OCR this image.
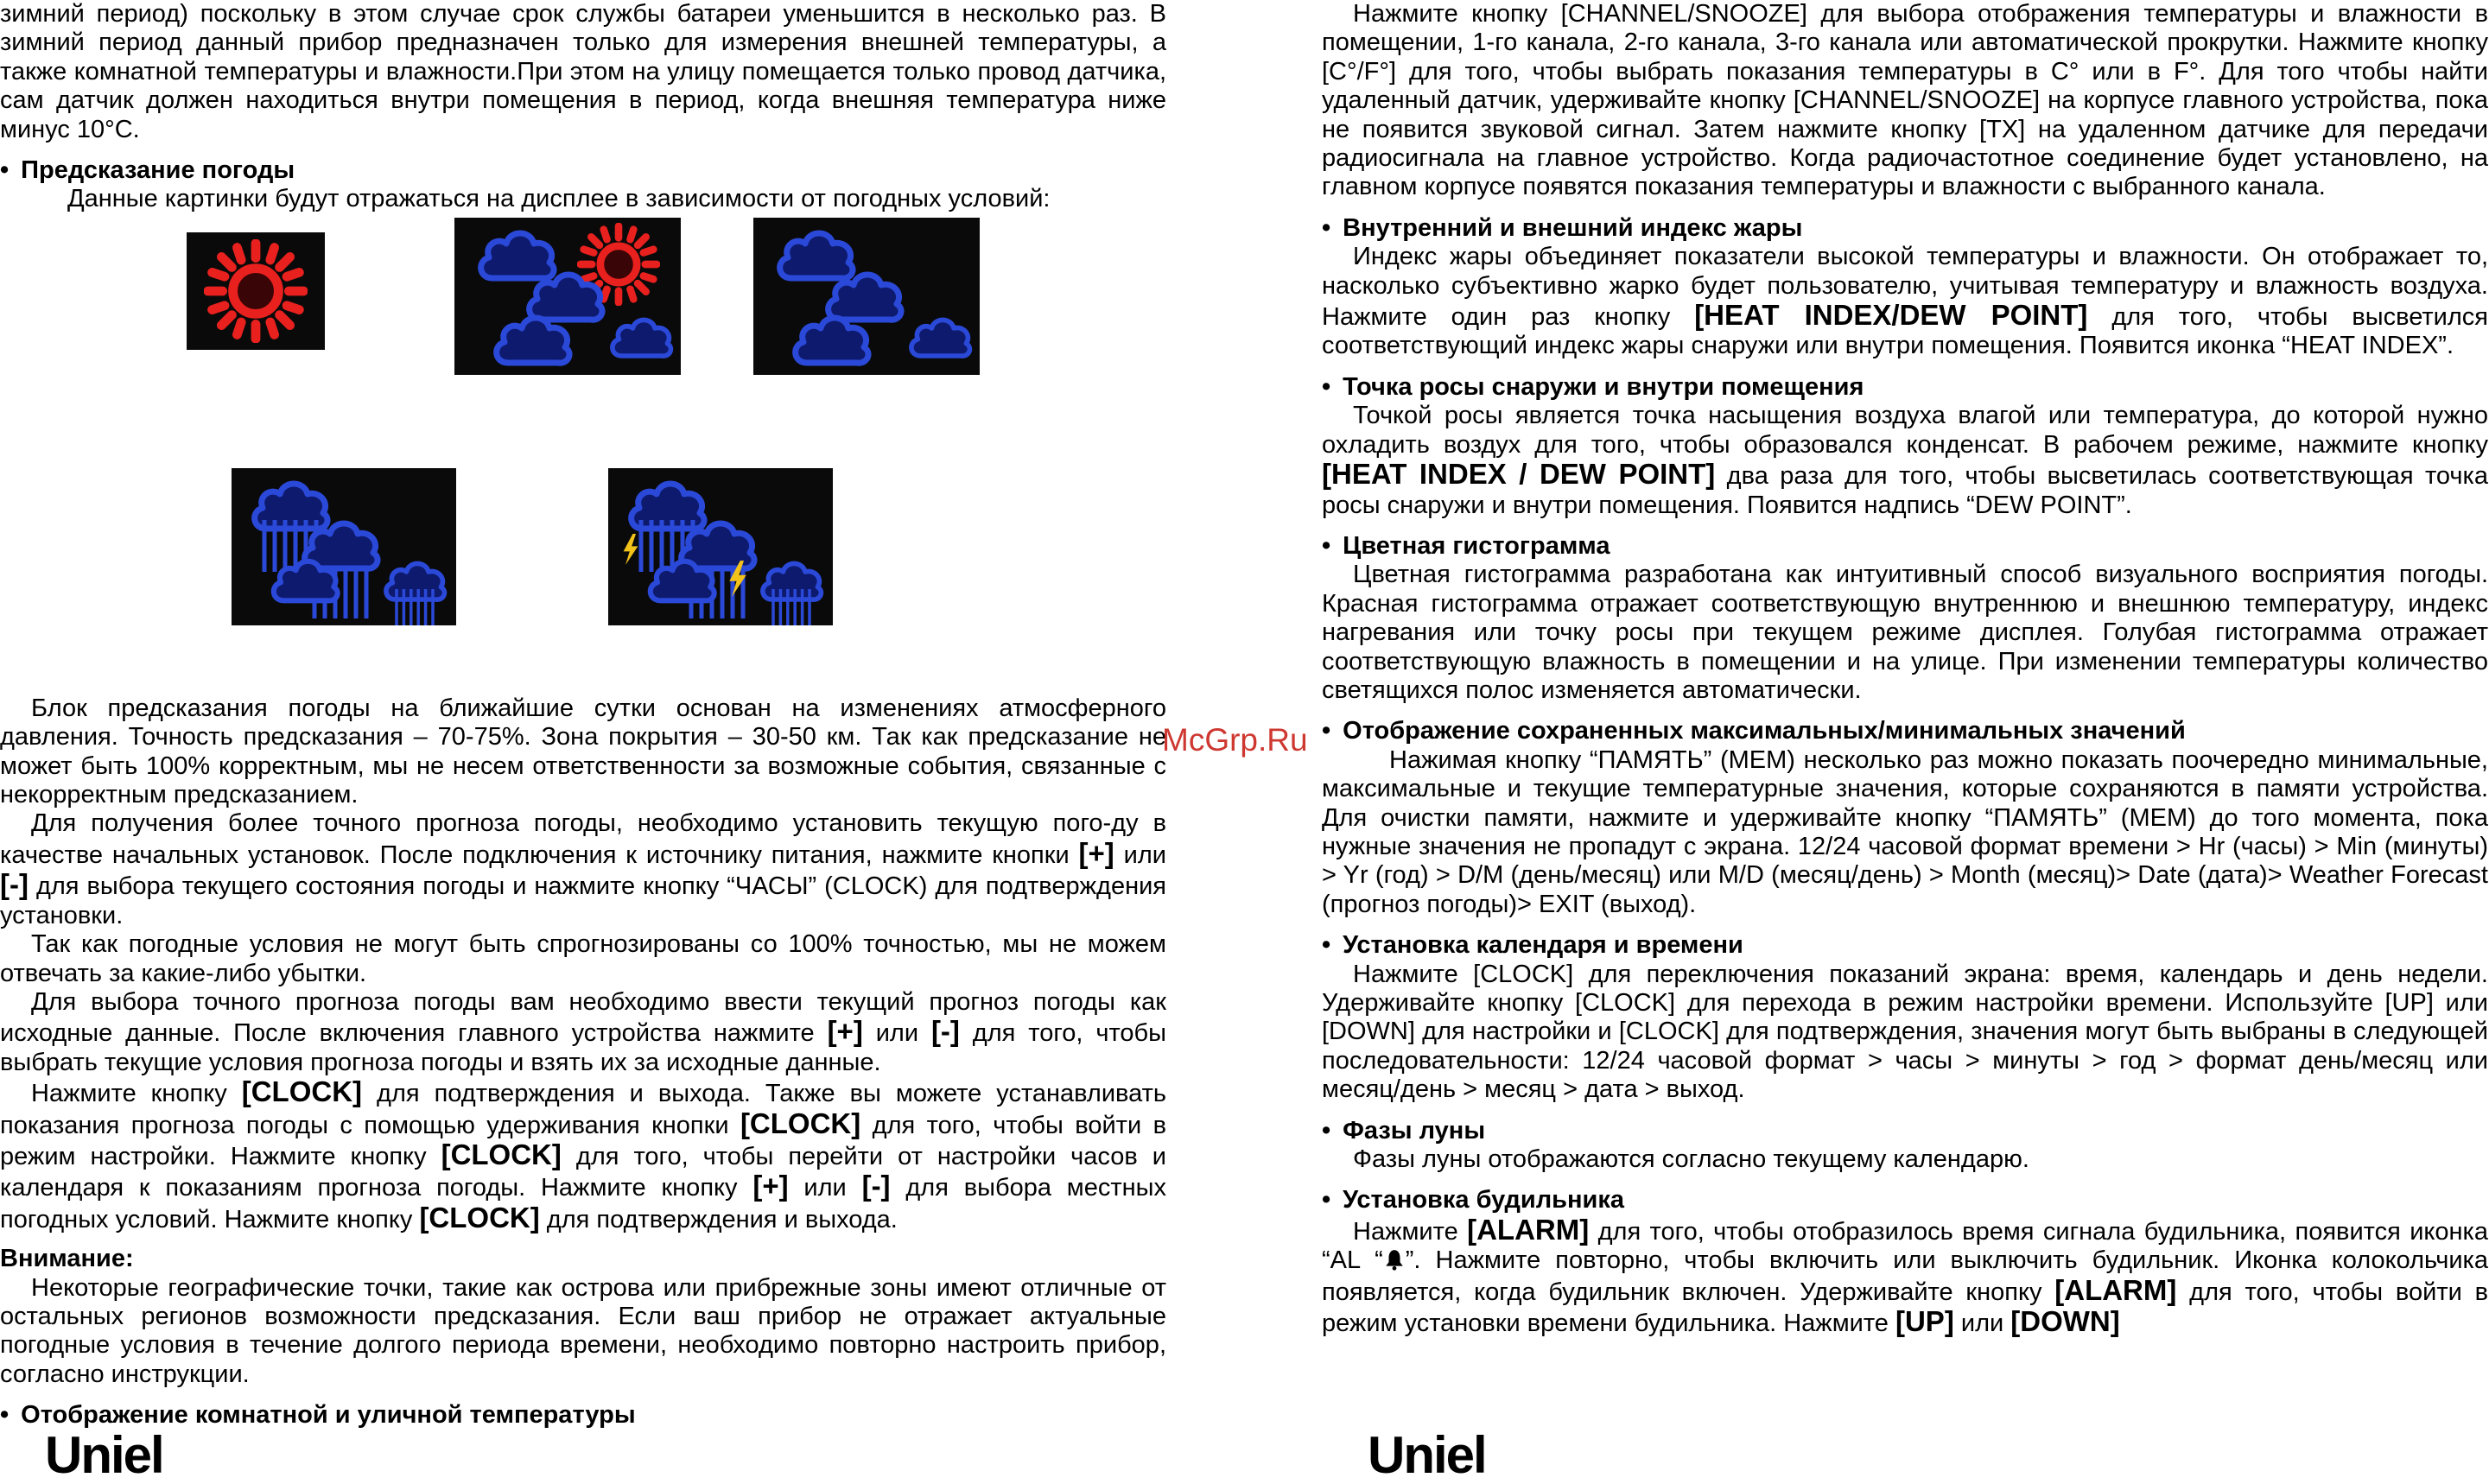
зимний период) поскольку в этом случае срок службы батареи уменьшится в несколько раз. В зимний период данный прибор предназначен только для измерения внешней температуры, а также комнатной температуры и влажности.При этом на улицу помещается только провод датчика, сам датчик должен находиться внутри помещения в период, когда внешняя температура ниже минус 10°С.

• Предсказание погоды

Данные картинки будут отражаться на дисплее в зависимости от погодных условий:

Блок предсказания погоды на ближайшие сутки основан на изменениях атмосферного давления. Точность предсказания – 70-75%. Зона покрытия – 30-50 км. Так как предсказание не может быть 100% корректным, мы не несем ответственности за возможные события, связанные с некорректным предсказанием.

Для получения более точного прогноза погоды, необходимо установить текущую пого-ду в качестве начальных установок. После подключения к источнику питания, нажмите кнопки [+] или [-] для выбора текущего состояния погоды и нажмите кнопку “ЧАСЫ” (CLOCK) для подтверждения установки.

Так как погодные условия не могут быть спрогнозированы со 100% точностью, мы не можем отвечать за какие-либо убытки.

Для выбора точного прогноза погоды вам необходимо ввести текущий прогноз погоды как исходные данные. После включения главного устройства нажмите [+] или [-] для того, чтобы выбрать текущие условия прогноза погоды и взять их за исходные данные.

Нажмите кнопку [CLOCK] для подтверждения и выхода. Также вы можете устанавливать показания прогноза погоды с помощью удерживания кнопки [CLOCK] для того, чтобы войти в режим настройки. Нажмите кнопку [CLOCK] для того, чтобы перейти от настройки часов и календаря к показаниям прогноза погоды. Нажмите кнопку [+] или [-] для выбора местных погодных условий. Нажмите кнопку [CLOCK] для подтверждения и выхода.

Внимание:

Некоторые географические точки, такие как острова или прибрежные зоны имеют отличные от остальных регионов возможности предсказания. Если ваш прибор не отражает актуальные погодные условия в течение долгого периода времени, необходимо повторно настроить прибор, согласно инструкции.

• Отображение комнатной и уличной температуры

Нажмите кнопку [CHANNEL/SNOOZE] для выбора отображения температуры и влажности в помещении, 1-го канала, 2-го канала, 3-го канала или автоматической прокрутки. Нажмите кнопку [С°/F°] для того, чтобы выбрать показания температуры в С° или в F°. Для того чтобы найти удаленный датчик, удерживайте кнопку [CHANNEL/SNOOZE] на корпусе главного устройства, пока не появится звуковой сигнал. Затем нажмите кнопку [TX] на удаленном датчике для передачи радиосигнала на главное устройство. Когда радиочастотное соединение будет установлено, на главном корпусе появятся показания температуры и влажности с выбранного канала.

• Внутренний и внешний индекс жары

Индекс жары объединяет показатели высокой температуры и влажности. Он отображает то, насколько субъективно жарко будет пользователю, учитывая температуру и влажность воздуха. Нажмите один раз кнопку [HEAT INDEX/DEW POINT] для того, чтобы высветился соответствующий индекс жары снаружи или внутри помещения. Появится иконка “HEAT INDEX”.

• Точка росы снаружи и внутри помещения

Точкой росы является точка насыщения воздуха влагой или температура, до которой нужно охладить воздух для того, чтобы образовался конденсат. В рабочем режиме, нажмите кнопку [HEAT INDEX / DEW POINT] два раза для того, чтобы высветилась соответствующая точка росы снаружи и внутри помещения. Появится надпись “DEW POINT”.

• Цветная гистограмма

Цветная гистограмма разработана как интуитивный способ визуального восприятия погоды. Красная гистограмма отражает соответствующую внутреннюю и внешнюю температуру, индекс нагревания или точку росы при текущем режиме дисплея. Голубая гистограмма отражает соответствующую влажность в помещении и на улице. При изменении температуры количество светящихся полос изменяется автоматически.

• Отображение сохраненных максимальных/минимальных значений

Нажимая кнопку “ПАМЯТЬ” (MEM) несколько раз можно показать поочередно минимальные, максимальные и текущие температурные значения, которые сохраняются в памяти устройства. Для очистки памяти, нажмите и удерживайте кнопку “ПАМЯТЬ” (MEM) до того момента, пока нужные значения не пропадут с экрана. 12/24 часовой формат времени > Hr (часы) > Min (минуты) > Yr (год) > D/M (день/месяц) или M/D (месяц/день) > Month (месяц)> Date (дата)> Weather Forecast (прогноз погоды)> EXIT (выход).

• Установка календаря и времени

Нажмите [CLOCK] для переключения показаний экрана: время, календарь и день недели. Удерживайте кнопку [CLOCK] для перехода в режим настройки времени. Используйте [UP] или [DOWN] для настройки и [CLOCK] для подтверждения, значения могут быть выбраны в следующей последовательности: 12/24 часовой формат > часы > минуты > год > формат день/месяц или месяц/день > месяц > дата > выход.

• Фазы луны

Фазы луны отображаются согласно текущему календарю.

• Установка будильника

Нажмите [ALARM] для того, чтобы отобразилось время сигнала будильника, появится иконка “AL “ ”. Нажмите повторно, чтобы включить или выключить будильник. Иконка колокольчика появляется, когда будильник включен. Удерживайте кнопку [ALARM] для того, чтобы войти в режим установки времени будильника. Нажмите [UP] или [DOWN]

McGrp.Ru
Uniel	Uniel
